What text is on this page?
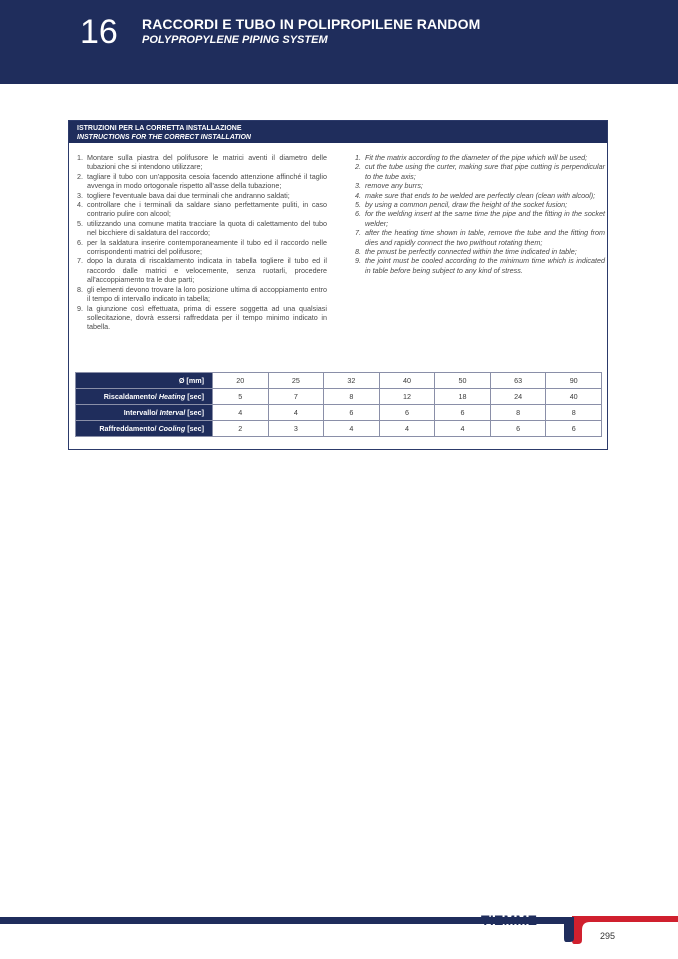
16 RACCORDI E TUBO IN POLIPROPILENE RANDOM
POLYPROPYLENE PIPING SYSTEM
ISTRUZIONI PER LA CORRETTA INSTALLAZIONE
INSTRUCTIONS FOR THE CORRECT INSTALLATION
1. Montare sulla piastra del polifusore le matrici aventi il diametro delle tubazioni che si intendono utilizzare;
2. tagliare il tubo con un'apposita cesoia facendo attenzione affinché il taglio avvenga in modo ortogonale rispetto all'asse della tubazione;
3. togliere l'eventuale bava dai due terminali che andranno saldati;
4. controllare che i terminali da saldare siano perfettamente puliti, in caso contrario pulire con alcool;
5. utilizzando una comune matita tracciare la quota di calettamento del tubo nel bicchiere di saldatura del raccordo;
6. per la saldatura inserire contemporaneamente il tubo ed il raccordo nelle corrispondenti matrici del polifusore;
7. dopo la durata di riscaldamento indicata in tabella togliere il tubo ed il raccordo dalle matrici e velocemente, senza ruotarli, procedere all'accoppiamento tra le due parti;
8. gli elementi devono trovare la loro posizione ultima di accoppiamento entro il tempo di intervallo indicato in tabella;
9. la giunzione così effettuata, prima di essere soggetta ad una qualsiasi sollecitazione, dovrà essersi raffreddata per il tempo minimo indicato in tabella.
1. Fit the matrix according to the diameter of the pipe which will be used;
2. cut the tube using the curter, making sure that pipe cutting is perpendicular to the tube axis;
3. remove any burrs;
4. make sure that ends to be welded are perfectly clean (clean with alcool);
5. by using a common pencil, draw the height of the socket fusion;
6. for the welding insert at the same time the pipe and the fitting in the socket welder;
7. after the heating time shown in table, remove the tube and the fitting from dies and rapidly connect the two pwithout rotating them;
8. the pmust be perfectly connected within the time indicated in table;
9. the joint must be cooled according to the minimum time which is indicated in table before being subject to any kind of stress.
Ø [mm]	20	25	32	40	50	63	90
Riscaldamento/ Heating [sec]	5	7	8	12	18	24	40
Intervallo/ Interval [sec]	4	4	6	6	6	8	8
Raffreddamento/ Cooling [sec]	2	3	4	4	4	6	6
TIEMME
295
